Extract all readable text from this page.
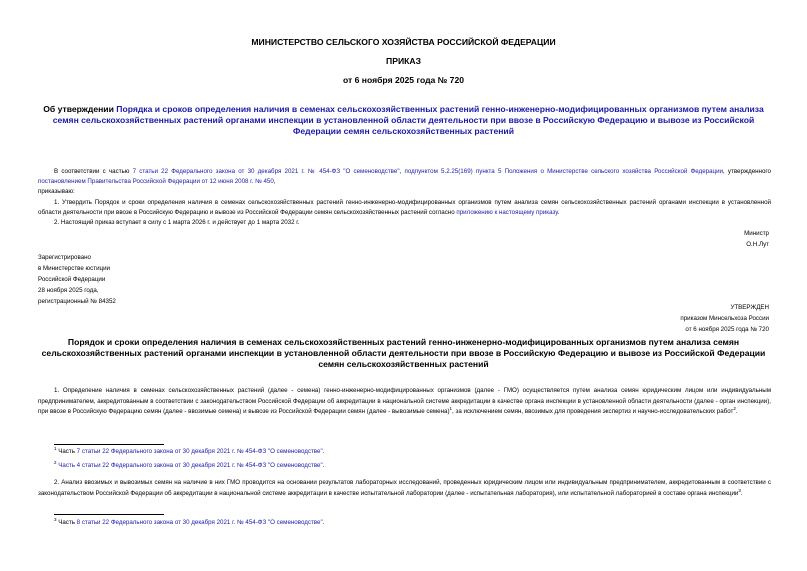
МИНИСТЕРСТВО СЕЛЬСКОГО ХОЗЯЙСТВА РОССИЙСКОЙ ФЕДЕРАЦИИ
ПРИКАЗ
от 6 ноября 2025 года № 720
Об утверждении Порядка и сроков определения наличия в семенах сельскохозяйственных растений генно-инженерно-модифицированных организмов путем анализа семян сельскохозяйственных растений органами инспекции в установленной области деятельности при ввозе в Российскую Федерацию и вывозе из Российской Федерации семян сельскохозяйственных растений
В соответствии с частью 7 статьи 22 Федерального закона от 30 декабря 2021 г. № 454-ФЗ "О семеноводстве", подпунктом 5.2.25(169) пункта 5 Положения о Министерстве сельского хозяйства Российской Федерации, утвержденного постановлением Правительства Российской Федерации от 12 июня 2008 г. № 450,
приказываю:
1. Утвердить Порядок и сроки определения наличия в семенах сельскохозяйственных растений генно-инженерно-модифицированных организмов путем анализа семян сельскохозяйственных растений органами инспекции в установленной области деятельности при ввозе в Российскую Федерацию и вывозе из Российской Федерации семян сельскохозяйственных растений согласно приложению к настоящему приказу.
2. Настоящий приказ вступает в силу с 1 марта 2026 г. и действует до 1 марта 2032 г.
Министр
О.Н.Лут
Зарегистрировано
в Министерстве юстиции
Российской Федерации
28 ноября 2025 года,
регистрационный № 84352
УТВЕРЖДЕН
приказом Минсельхоза России
от 6 ноября 2025 года № 720
Порядок и сроки определения наличия в семенах сельскохозяйственных растений генно-инженерно-модифицированных организмов путем анализа семян сельскохозяйственных растений органами инспекции в установленной области деятельности при ввозе в Российскую Федерацию и вывозе из Российской Федерации семян сельскохозяйственных растений
1. Определение наличия в семенах сельскохозяйственных растений (далее - семена) генно-инженерно-модифицированных организмов (далее - ГМО) осуществляется путем анализа семян юридическим лицом или индивидуальным предпринимателем, аккредитованным в соответствии с законодательством Российской Федерации об аккредитации в национальной системе аккредитации в качестве органа инспекции в установленной области деятельности (далее - орган инспекции), при ввозе в Российскую Федерацию семян (далее - ввозимые семена) и вывозе из Российской Федерации семян (далее - вывозимые семена)$^1$, за исключением семян, ввозимых для проведения экспертиз и научно-исследовательских работ$^2$.
$^1$ Часть 7 статьи 22 Федерального закона от 30 декабря 2021 г. № 454-ФЗ "О семеноводстве".
$^2$ Часть 4 статьи 22 Федерального закона от 30 декабря 2021 г. № 454-ФЗ "О семеноводстве".
2. Анализ ввозимых и вывозимых семян на наличие в них ГМО проводится на основании результатов лабораторных исследований, проведенных юридическим лицом или индивидуальным предпринимателем, аккредитованным в соответствии с законодательством Российской Федерации об аккредитации в национальной системе аккредитации в качестве испытательной лаборатории (далее - испытательная лаборатория), или испытательной лабораторией в составе органа инспекции$^3$.
$^3$ Часть 8 статьи 22 Федерального закона от 30 декабря 2021 г. № 454-ФЗ "О семеноводстве".
